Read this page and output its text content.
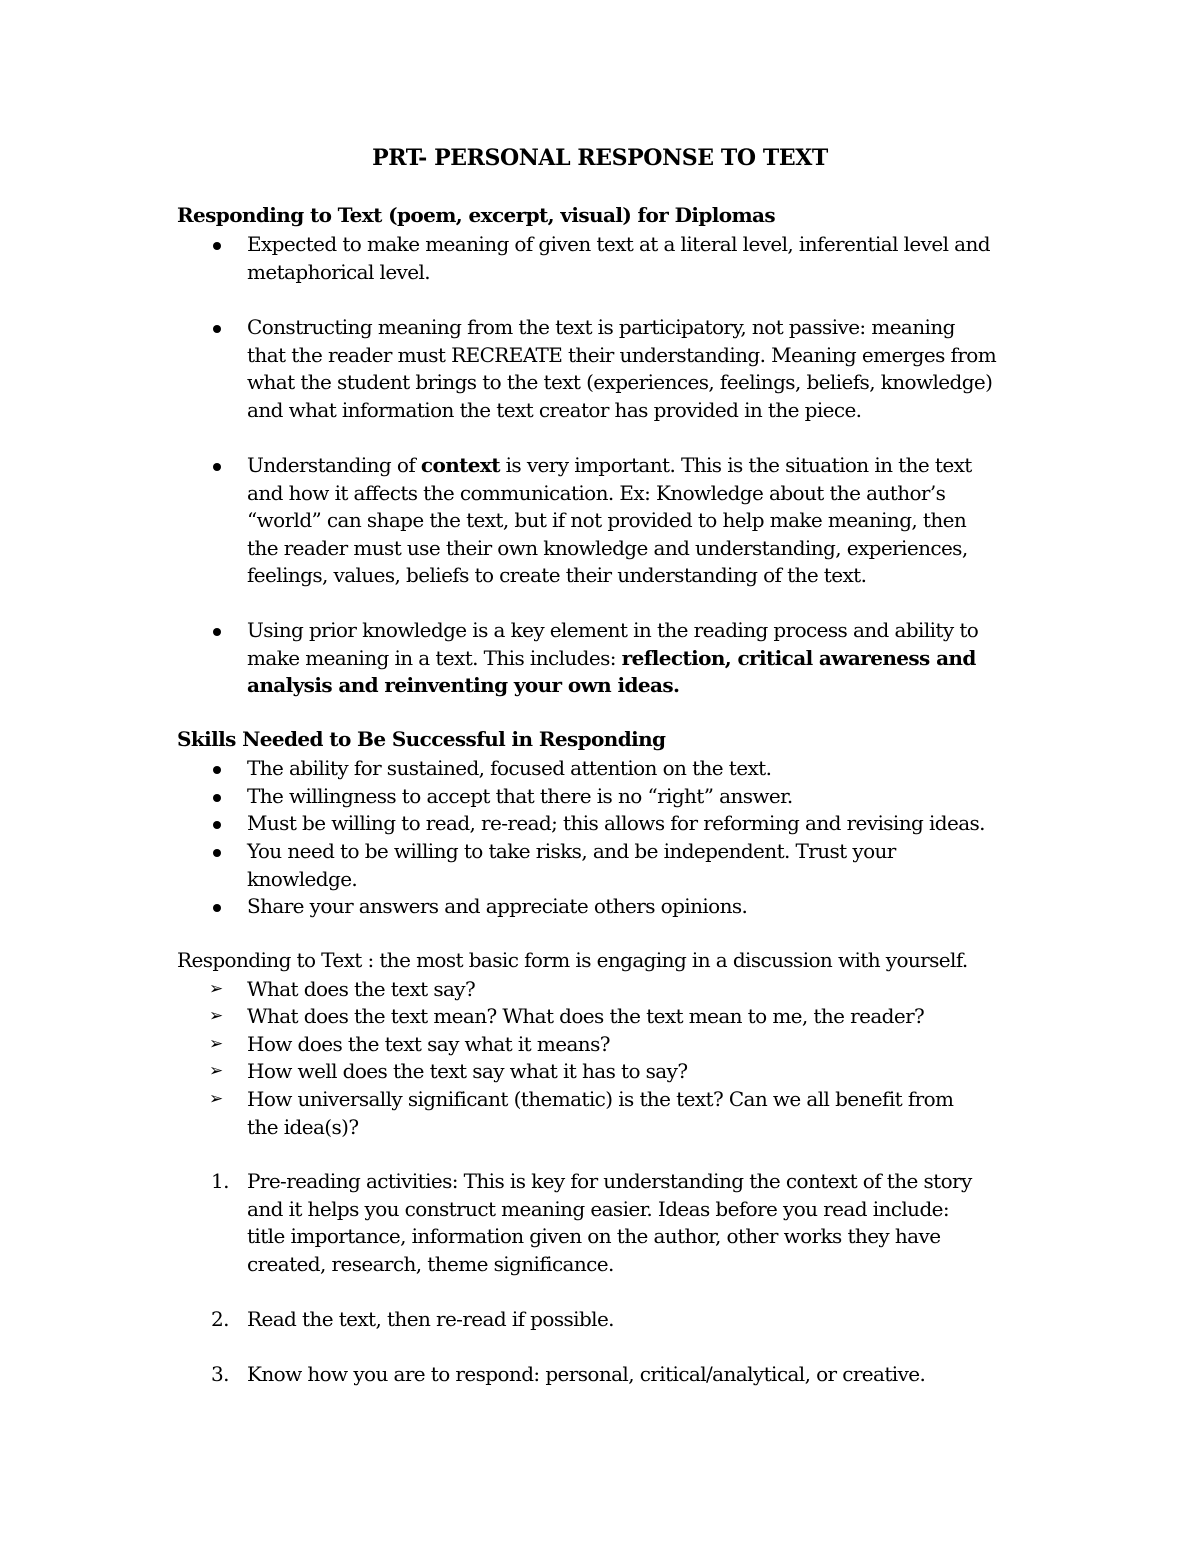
PRT- PERSONAL RESPONSE TO TEXT
Responding to Text (poem, excerpt, visual) for Diplomas
Expected to make meaning of given text at a literal level, inferential level and
metaphorical level.
Constructing meaning from the text is participatory, not passive: meaning
that the reader must RECREATE their understanding. Meaning emerges from
what the student brings to the text (experiences, feelings, beliefs, knowledge)
and what information the text creator has provided in the piece.
Understanding of context is very important. This is the situation in the text
and how it affects the communication. Ex: Knowledge about the author’s
“world” can shape the text, but if not provided to help make meaning, then
the reader must use their own knowledge and understanding, experiences,
feelings, values, beliefs to create their understanding of the text.
Using prior knowledge is a key element in the reading process and ability to
make meaning in a text. This includes: reflection, critical awareness and
analysis and reinventing your own ideas.
Skills Needed to Be Successful in Responding
The ability for sustained, focused attention on the text.
The willingness to accept that there is no “right” answer.
Must be willing to read, re-read; this allows for reforming and revising ideas.
You need to be willing to take risks, and be independent. Trust your
knowledge.
Share your answers and appreciate others opinions.
Responding to Text : the most basic form is engaging in a discussion with yourself.
➢ What does the text say?
➢ What does the text mean? What does the text mean to me, the reader?
➢ How does the text say what it means?
➢ How well does the text say what it has to say?
➢ How universally significant (thematic) is the text? Can we all benefit from
the idea(s)?
1. Pre-reading activities: This is key for understanding the context of the story
and it helps you construct meaning easier. Ideas before you read include:
title importance, information given on the author, other works they have
created, research, theme significance.
2. Read the text, then re-read if possible.
3. Know how you are to respond: personal, critical/analytical, or creative.
